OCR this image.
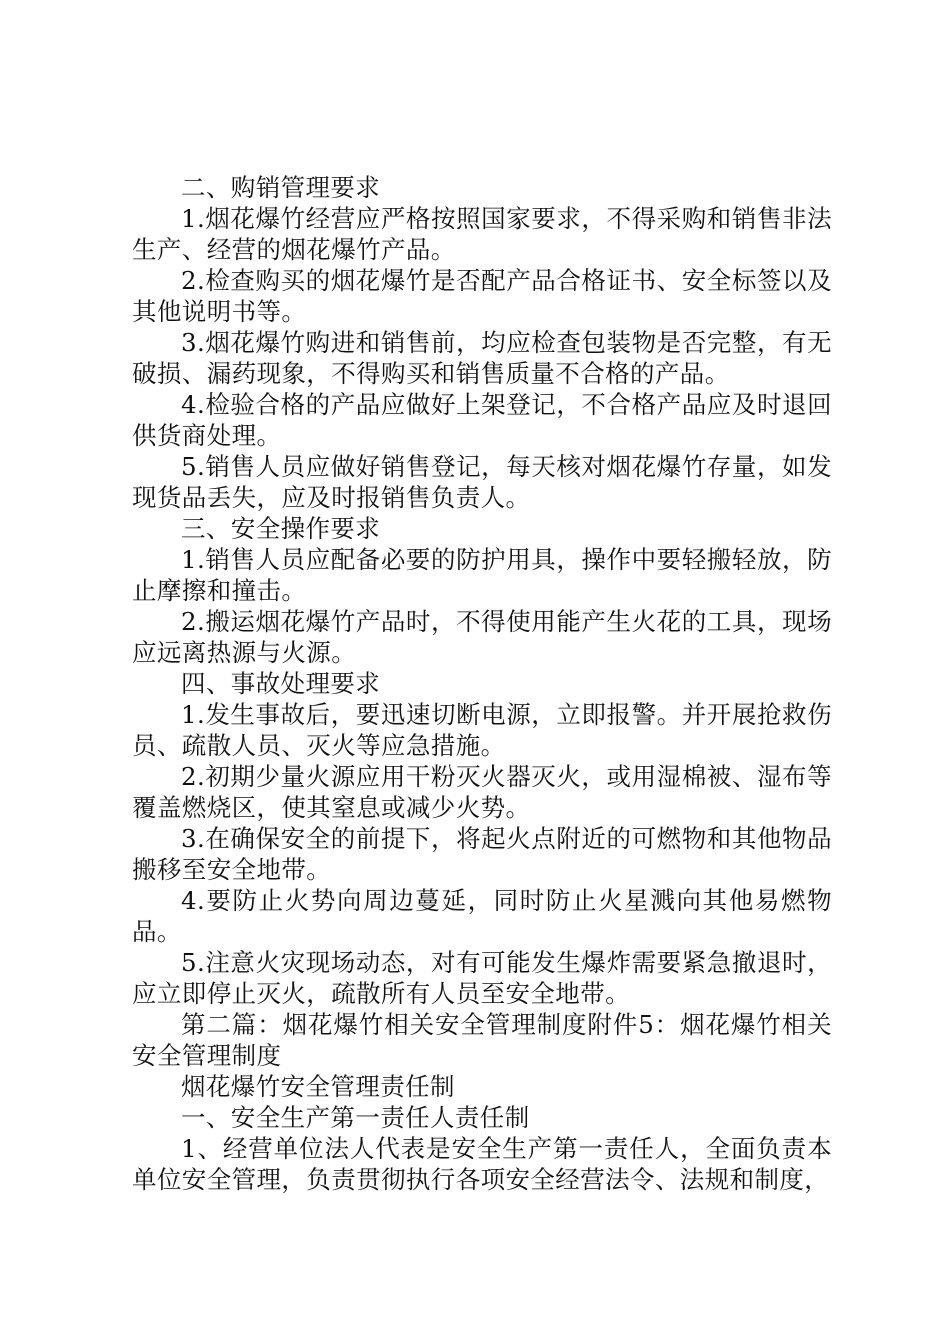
二、购销管理要求

1.烟花爆竹经营应严格按照国家要求，不得采购和销售非法生产、经营的烟花爆竹产品。

2.检查购买的烟花爆竹是否配产品合格证书、安全标签以及其他说明书等。

3.烟花爆竹购进和销售前，均应检查包装物是否完整，有无破损、漏药现象，不得购买和销售质量不合格的产品。

4.检验合格的产品应做好上架登记，不合格产品应及时退回供货商处理。

5.销售人员应做好销售登记，每天核对烟花爆竹存量，如发现货品丢失，应及时报销售负责人。

三、安全操作要求

1.销售人员应配备必要的防护用具，操作中要轻搬轻放，防止摩擦和撞击。

2.搬运烟花爆竹产品时，不得使用能产生火花的工具，现场应远离热源与火源。

四、事故处理要求

1.发生事故后，要迅速切断电源，立即报警。并开展抢救伤员、疏散人员、灭火等应急措施。

2.初期少量火源应用干粉灭火器灭火，或用湿棉被、湿布等覆盖燃烧区，使其窒息或减少火势。

3.在确保安全的前提下，将起火点附近的可燃物和其他物品搬移至安全地带。

4.要防止火势向周边蔓延，同时防止火星溅向其他易燃物品。

5.注意火灾现场动态，对有可能发生爆炸需要紧急撤退时，应立即停止灭火，疏散所有人员至安全地带。

第二篇：烟花爆竹相关安全管理制度附件5：烟花爆竹相关安全管理制度

烟花爆竹安全管理责任制

一、安全生产第一责任人责任制

1、经营单位法人代表是安全生产第一责任人，全面负责本单位安全管理，负责贯彻执行各项安全经营法令、法规和制度，
